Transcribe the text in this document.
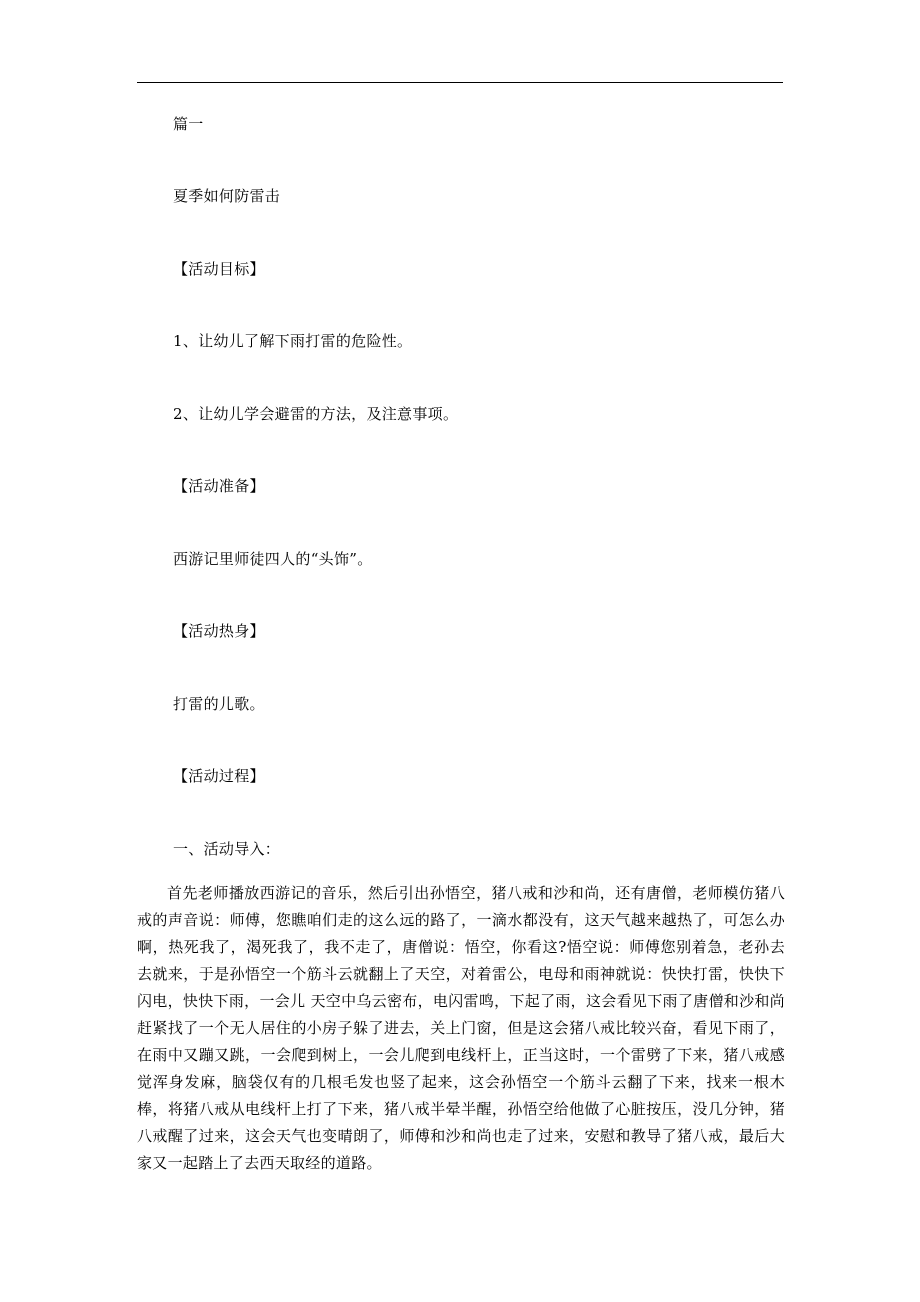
篇一
夏季如何防雷击
【活动目标】
1、让幼儿了解下雨打雷的危险性。
2、让幼儿学会避雷的方法，及注意事项。
【活动准备】
西游记里师徒四人的“头饰”。
【活动热身】
打雷的儿歌。
【活动过程】
一、活动导入：
首先老师播放西游记的音乐，然后引出孙悟空，猪八戒和沙和尚，还有唐僧，老师模仿猪八戒的声音说：师傅，您瞧咱们走的这么远的路了，一滴水都没有，这天气越来越热了，可怎么办啊，热死我了，渴死我了，我不走了，唐僧说：悟空，你看这?悟空说：师傅您别着急，老孙去去就来，于是孙悟空一个筋斗云就翻上了天空，对着雷公，电母和雨神就说：快快打雷，快快下闪电，快快下雨，一会儿 天空中乌云密布，电闪雷鸣，下起了雨，这会看见下雨了唐僧和沙和尚赶紧找了一个无人居住的小房子躲了进去，关上门窗，但是这会猪八戒比较兴奋，看见下雨了，在雨中又蹦又跳，一会爬到树上，一会儿爬到电线杆上，正当这时，一个雷劈了下来，猪八戒感觉浑身发麻，脑袋仅有的几根毛发也竖了起来，这会孙悟空一个筋斗云翻了下来，找来一根木棒，将猪八戒从电线杆上打了下来，猪八戒半晕半醒，孙悟空给他做了心脏按压，没几分钟，猪八戒醒了过来，这会天气也变晴朗了，师傅和沙和尚也走了过来，安慰和教导了猪八戒，最后大家又一起踏上了去西天取经的道路。
